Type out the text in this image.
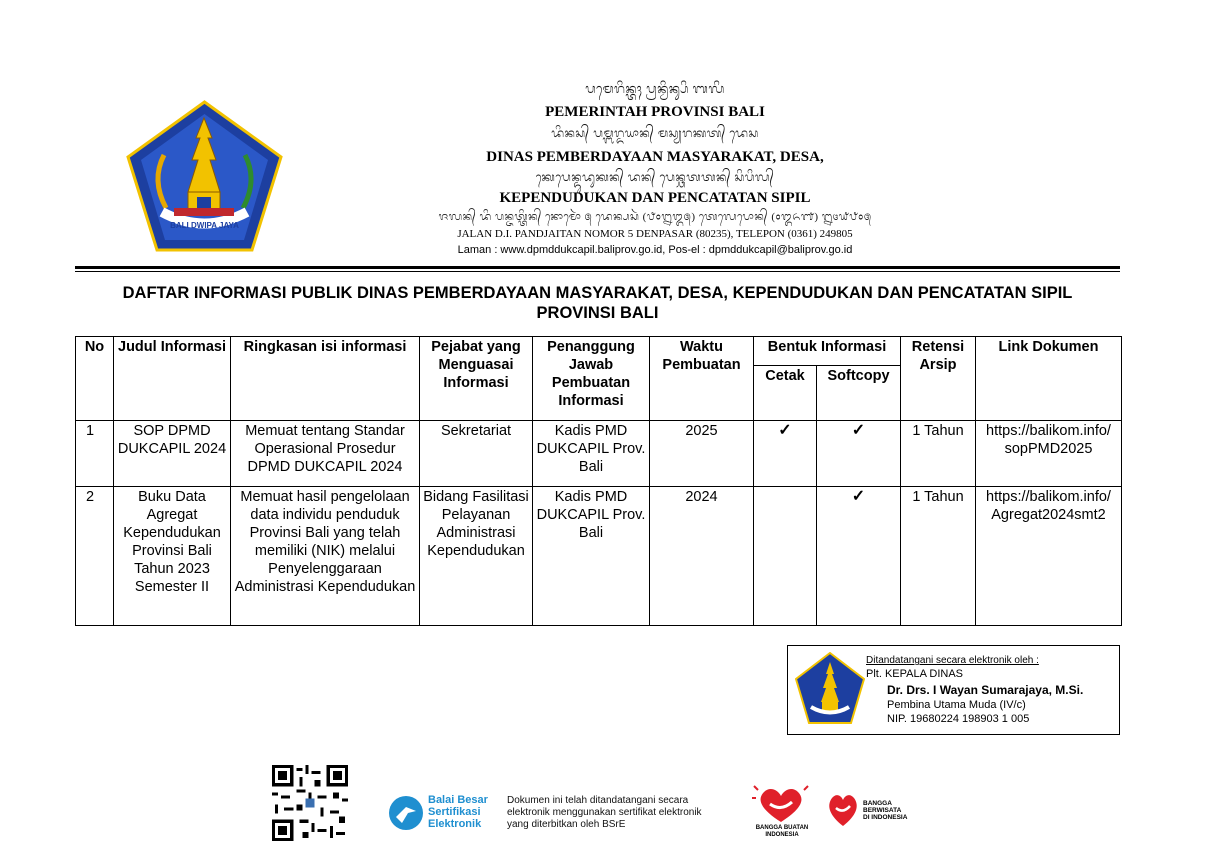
BALI DWIPA JAYA
ᬧᬫᬾᬭᬶᬦ᭄ᬢᬄ ᬧ᭄ᬭᬦ᭄ᬯᬶᬦ᭄ᬲᬶ ᬩᬮᬶ
PEMERINTAH PROVINSI BALI
ᬤᬶᬦᬲ᭄ ᬧᬫ᭄ᬩᬭ᭄ᬤᬬᬵᬦ᭄ ᬫᬲ᭄ᬬᬭᬓᬢ᭄ ᬤᬾᬲ
DINAS PEMBERDAYAAN MASYARAKAT, DESA,
ᬓᬾᬧᬾᬦ᭄ᬤᬸᬤᬸᬓᬦ᭄ ᬤᬦ᭄ ᬧᬾᬦ᭄ᬘᬢᬢᬦ᭄ ᬲᬶᬧᬶᬮ᭄
KEPENDUDUKAN DAN PENCATATAN SIPIL
ᬚᬮᬦ᭄ ᬤᬶ ᬧᬦ᭄ᬚᬢ᭄ᬢᬶᬦ᭄ ᬦᭀᬫᭀᬃ ᭕ ᬤᬾᬦ᭄ᬧᬲᬃ (᭘᭐᭒᭓᭕) ᬢᬾᬮᬾᬧᭀᬦ᭄ (᭐᭓᭖᭑) ᭒᭔᭙᭘᭐᭕
JALAN D.I. PANDJAITAN NOMOR 5 DENPASAR (80235), TELEPON (0361) 249805
Laman : www.dpmddukcapil.baliprov.go.id, Pos-el : dpmddukcapil@baliprov.go.id
DAFTAR INFORMASI PUBLIK DINAS PEMBERDAYAAN MASYARAKAT, DESA, KEPENDUDUKAN DAN PENCATATAN SIPIL
PROVINSI BALI
No	Judul Informasi	Ringkasan isi informasi	Pejabat yang Menguasai Informasi	Penanggung Jawab Pembuatan Informasi	Waktu Pembuatan	Bentuk Informasi		Retensi Arsip	Link Dokumen
						Cetak	Softcopy		
1	SOP DPMD DUKCAPIL 2024	Memuat tentang Standar Operasional Prosedur DPMD DUKCAPIL 2024	Sekretariat	Kadis PMD DUKCAPIL Prov. Bali	2025	✓	✓	1 Tahun	https://balikom.info/ sopPMD2025
2	Buku Data Agregat Kependudukan Provinsi Bali Tahun 2023 Semester II	Memuat hasil pengelolaan data individu penduduk Provinsi Bali yang telah memiliki (NIK) melalui Penyelenggaraan Administrasi Kependudukan	Bidang Fasilitasi Pelayanan Administrasi Kependudukan	Kadis PMD DUKCAPIL Prov. Bali	2024		✓	1 Tahun	https://balikom.info/ Agregat2024smt2
Ditandatangani secara elektronik oleh :
Plt. KEPALA DINAS
Dr. Drs. I Wayan Sumarajaya, M.Si.
Pembina Utama Muda (IV/c)
NIP. 19680224 198903 1 005
Balai Besar
Sertifikasi
Elektronik
Dokumen ini telah ditandatangani secara
elektronik menggunakan sertifikat elektronik
yang diterbitkan oleh BSrE	BANGGA BUATAN
INDONESIA
BANGGA
BERWISATA
DI INDONESIA
